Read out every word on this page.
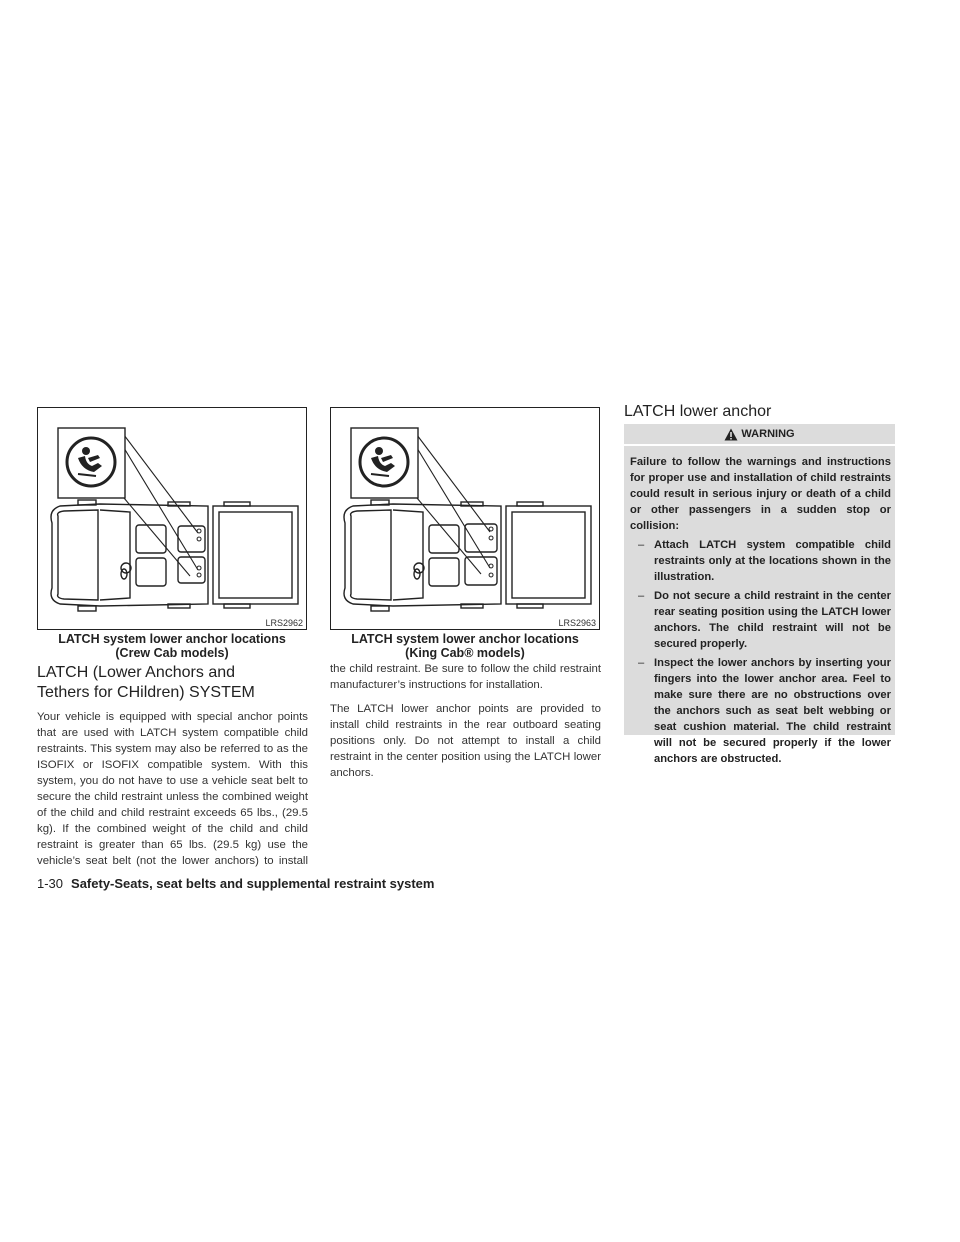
LRS2962
LATCH system lower anchor locations
(Crew Cab models)
LRS2963
LATCH system lower anchor locations
(King Cab® models)
LATCH (Lower Anchors and
Tethers for CHildren) SYSTEM

Your vehicle is equipped with special anchor points that are used with LATCH system compatible child restraints. This system may also be referred to as the ISOFIX or ISOFIX compatible system. With this system, you do not have to use a vehicle seat belt to secure the child restraint unless the combined weight of the child and child restraint exceeds 65 lbs., (29.5 kg). If the combined weight of the child and child restraint is greater than 65 lbs. (29.5 kg) use the vehicle’s seat belt (not the lower anchors) to install

the child restraint. Be sure to follow the child restraint manufacturer’s instructions for installation.

The LATCH lower anchor points are provided to install child restraints in the rear outboard seating positions only. Do not attempt to install a child restraint in the center position using the LATCH lower anchors.

LATCH lower anchor
WARNING

Failure to follow the warnings and instructions for proper use and installation of child restraints could result in serious injury or death of a child or other passengers in a sudden stop or collision:

– Attach LATCH system compatible child restraints only at the locations shown in the illustration.
– Do not secure a child restraint in the center rear seating position using the LATCH lower anchors. The child restraint will not be secured properly.
– Inspect the lower anchors by inserting your fingers into the lower anchor area. Feel to make sure there are no obstructions over the anchors such as seat belt webbing or seat cushion material. The child restraint will not be secured properly if the lower anchors are obstructed.
1-30 Safety-Seats, seat belts and supplemental restraint system
